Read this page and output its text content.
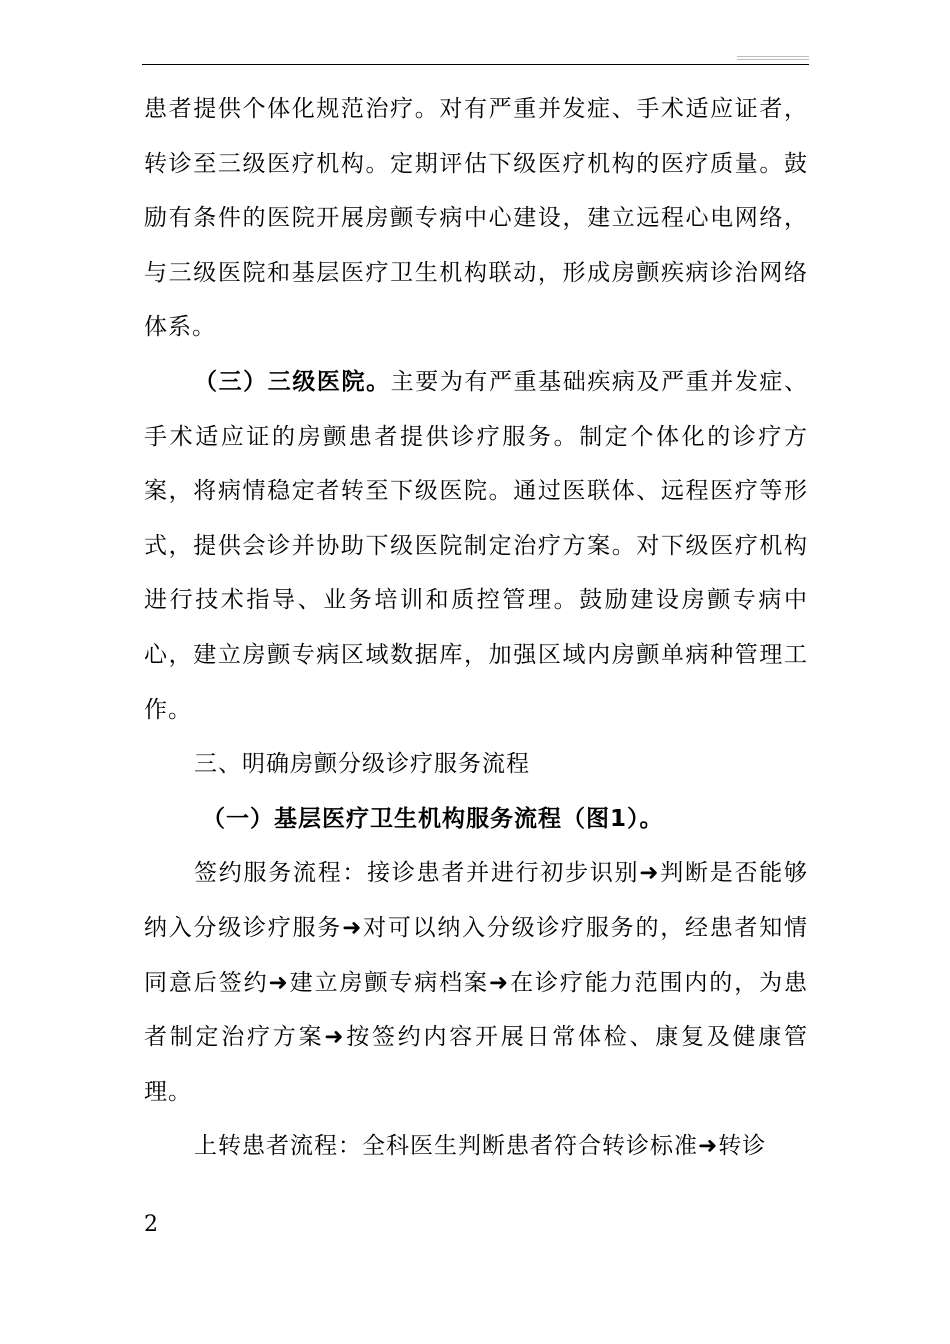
患者提供个体化规范治疗。对有严重并发症、手术适应证者，转诊至三级医疗机构。定期评估下级医疗机构的医疗质量。鼓励有条件的医院开展房颤专病中心建设，建立远程心电网络，与三级医院和基层医疗卫生机构联动，形成房颤疾病诊治网络体系。

（三）三级医院。主要为有严重基础疾病及严重并发症、手术适应证的房颤患者提供诊疗服务。制定个体化的诊疗方案，将病情稳定者转至下级医院。通过医联体、远程医疗等形式，提供会诊并协助下级医院制定治疗方案。对下级医疗机构进行技术指导、业务培训和质控管理。鼓励建设房颤专病中心，建立房颤专病区域数据库，加强区域内房颤单病种管理工作。

三、明确房颤分级诊疗服务流程

（一）基层医疗卫生机构服务流程（图1）。

签约服务流程：接诊患者并进行初步识别➜判断是否能够纳入分级诊疗服务➜对可以纳入分级诊疗服务的，经患者知情同意后签约➜建立房颤专病档案➜在诊疗能力范围内的，为患者制定治疗方案➜按签约内容开展日常体检、康复及健康管理。

上转患者流程：全科医生判断患者符合转诊标准➜转诊

2
